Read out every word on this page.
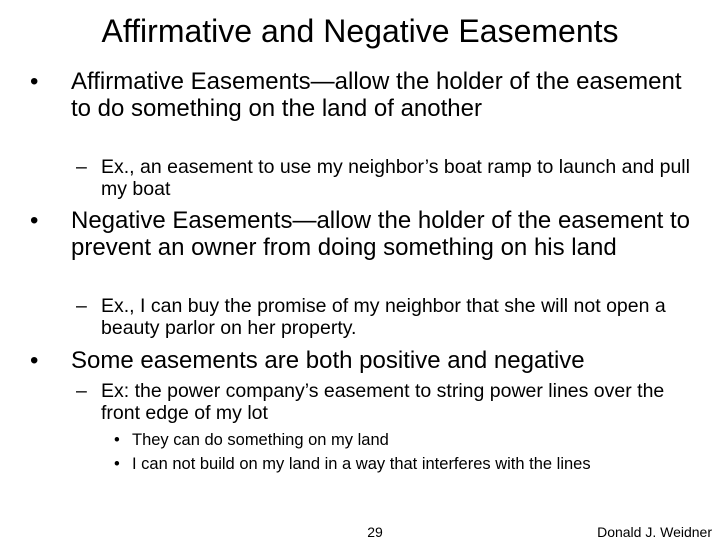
Affirmative and Negative Easements
• Affirmative Easements—allow the holder of the easement to do something on the land of another
– Ex., an easement to use my neighbor’s boat ramp to launch and pull my boat
• Negative Easements—allow the holder of the easement to prevent an owner from doing something on his land
– Ex., I can buy the promise of my neighbor that she will not open a beauty parlor on her property.
• Some easements are both positive and negative
– Ex: the power company’s easement to string power lines over the front edge of my lot
• They can do something on my land
• I can not build on my land in a way that interferes with the lines
29	Donald J. Weidner
